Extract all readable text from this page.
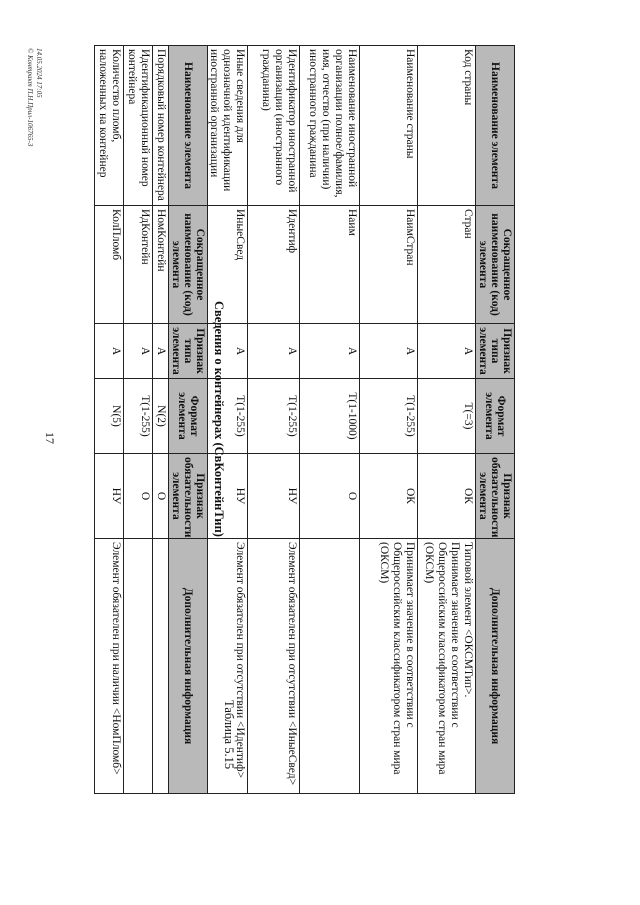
17
Наименование элемента	Сокращенное наименование (код) элемента	Признак типа элемента	Формат элемента	Признак обязательности элемента	Дополнительная информация
Код страны	Стран	А	T(=3)	ОК	Типовой элемент <ОКСМТип>.
Принимает значение в соответствии с Общероссийским классификатором стран мира (ОКСМ)
Наименование страны	НаимСтран	А	T(1-255)	ОК	Принимает значение в соответствии с Общероссийским классификатором стран мира (ОКСМ)
Наименование иностранной организации полное/фамилия, имя, отчество (при наличии) иностранного гражданина	Наим	А	T(1-1000)	О	
Идентификатор иностранной организации (иностранного гражданина)	Идентиф	А	T(1-255)	НУ	Элемент обязателен при отсутствии <ИныеСвед>
Иные сведения для однозначной идентификации иностранной организации	ИныеСвед	А	T(1-255)	НУ	Элемент обязателен при отсутствии <Идентиф>
Таблица 5.15
Сведения о контейнерах (СвКонтейнТип)
Наименование элемента	Сокращенное наименование (код) элемента	Признак типа элемента	Формат элемента	Признак обязательности элемента	Дополнительная информация
Порядковый номер контейнера	НомКонтейн	А	N(2)	О	
Идентификационный номер контейнера	ИдКонтейн	А	T(1-255)	О	
Количество пломб, наложенных на контейнер	КолПломб	А	N(5)	НУ	Элемент обязателен при наличии <НомПломб>
14.05.2024 17:05
© Контракт П.Н.Прил-106765-3
